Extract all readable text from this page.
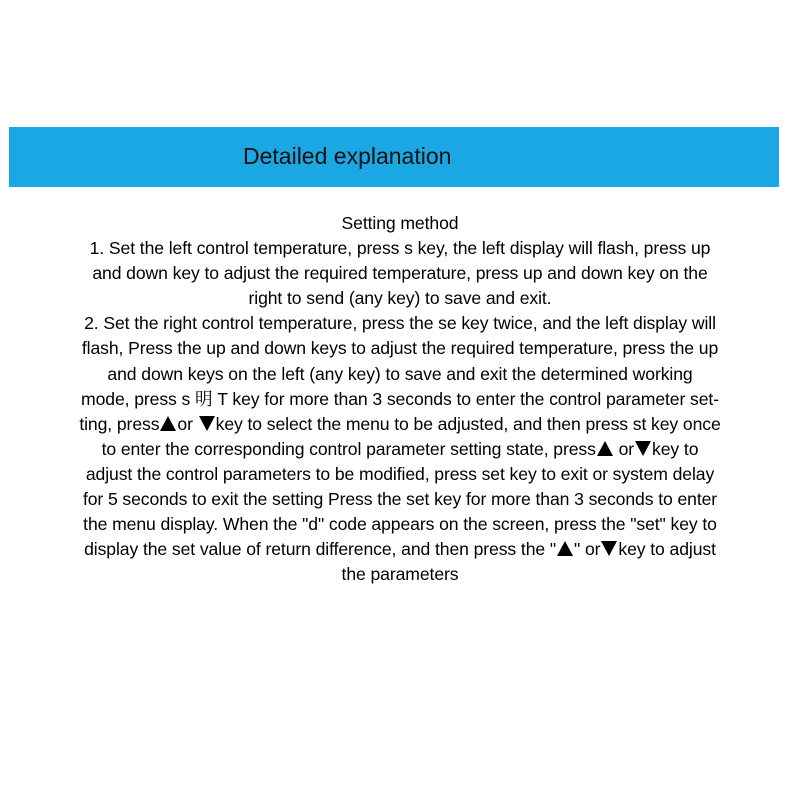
Detailed explanation
Setting method
1. Set the left control temperature, press s key, the left display will flash, press up
and down key to adjust the required temperature, press up and down key on the
right to send (any key) to save and exit.
2. Set the right control temperature, press the se key twice, and the left display will
flash, Press the up and down keys to adjust the required temperature, press the up
and down keys on the left (any key) to save and exit the determined working
mode, press s 明 T key for more than 3 seconds to enter the control parameter set-
ting, press or key to select the menu to be adjusted, and then press st key once
to enter the corresponding control parameter setting state, press or key to
adjust the control parameters to be modified, press set key to exit or system delay
for 5 seconds to exit the setting Press the set key for more than 3 seconds to enter
the menu display. When the "d" code appears on the screen, press the "set" key to
display the set value of return difference, and then press the " " or key to adjust
the parameters
